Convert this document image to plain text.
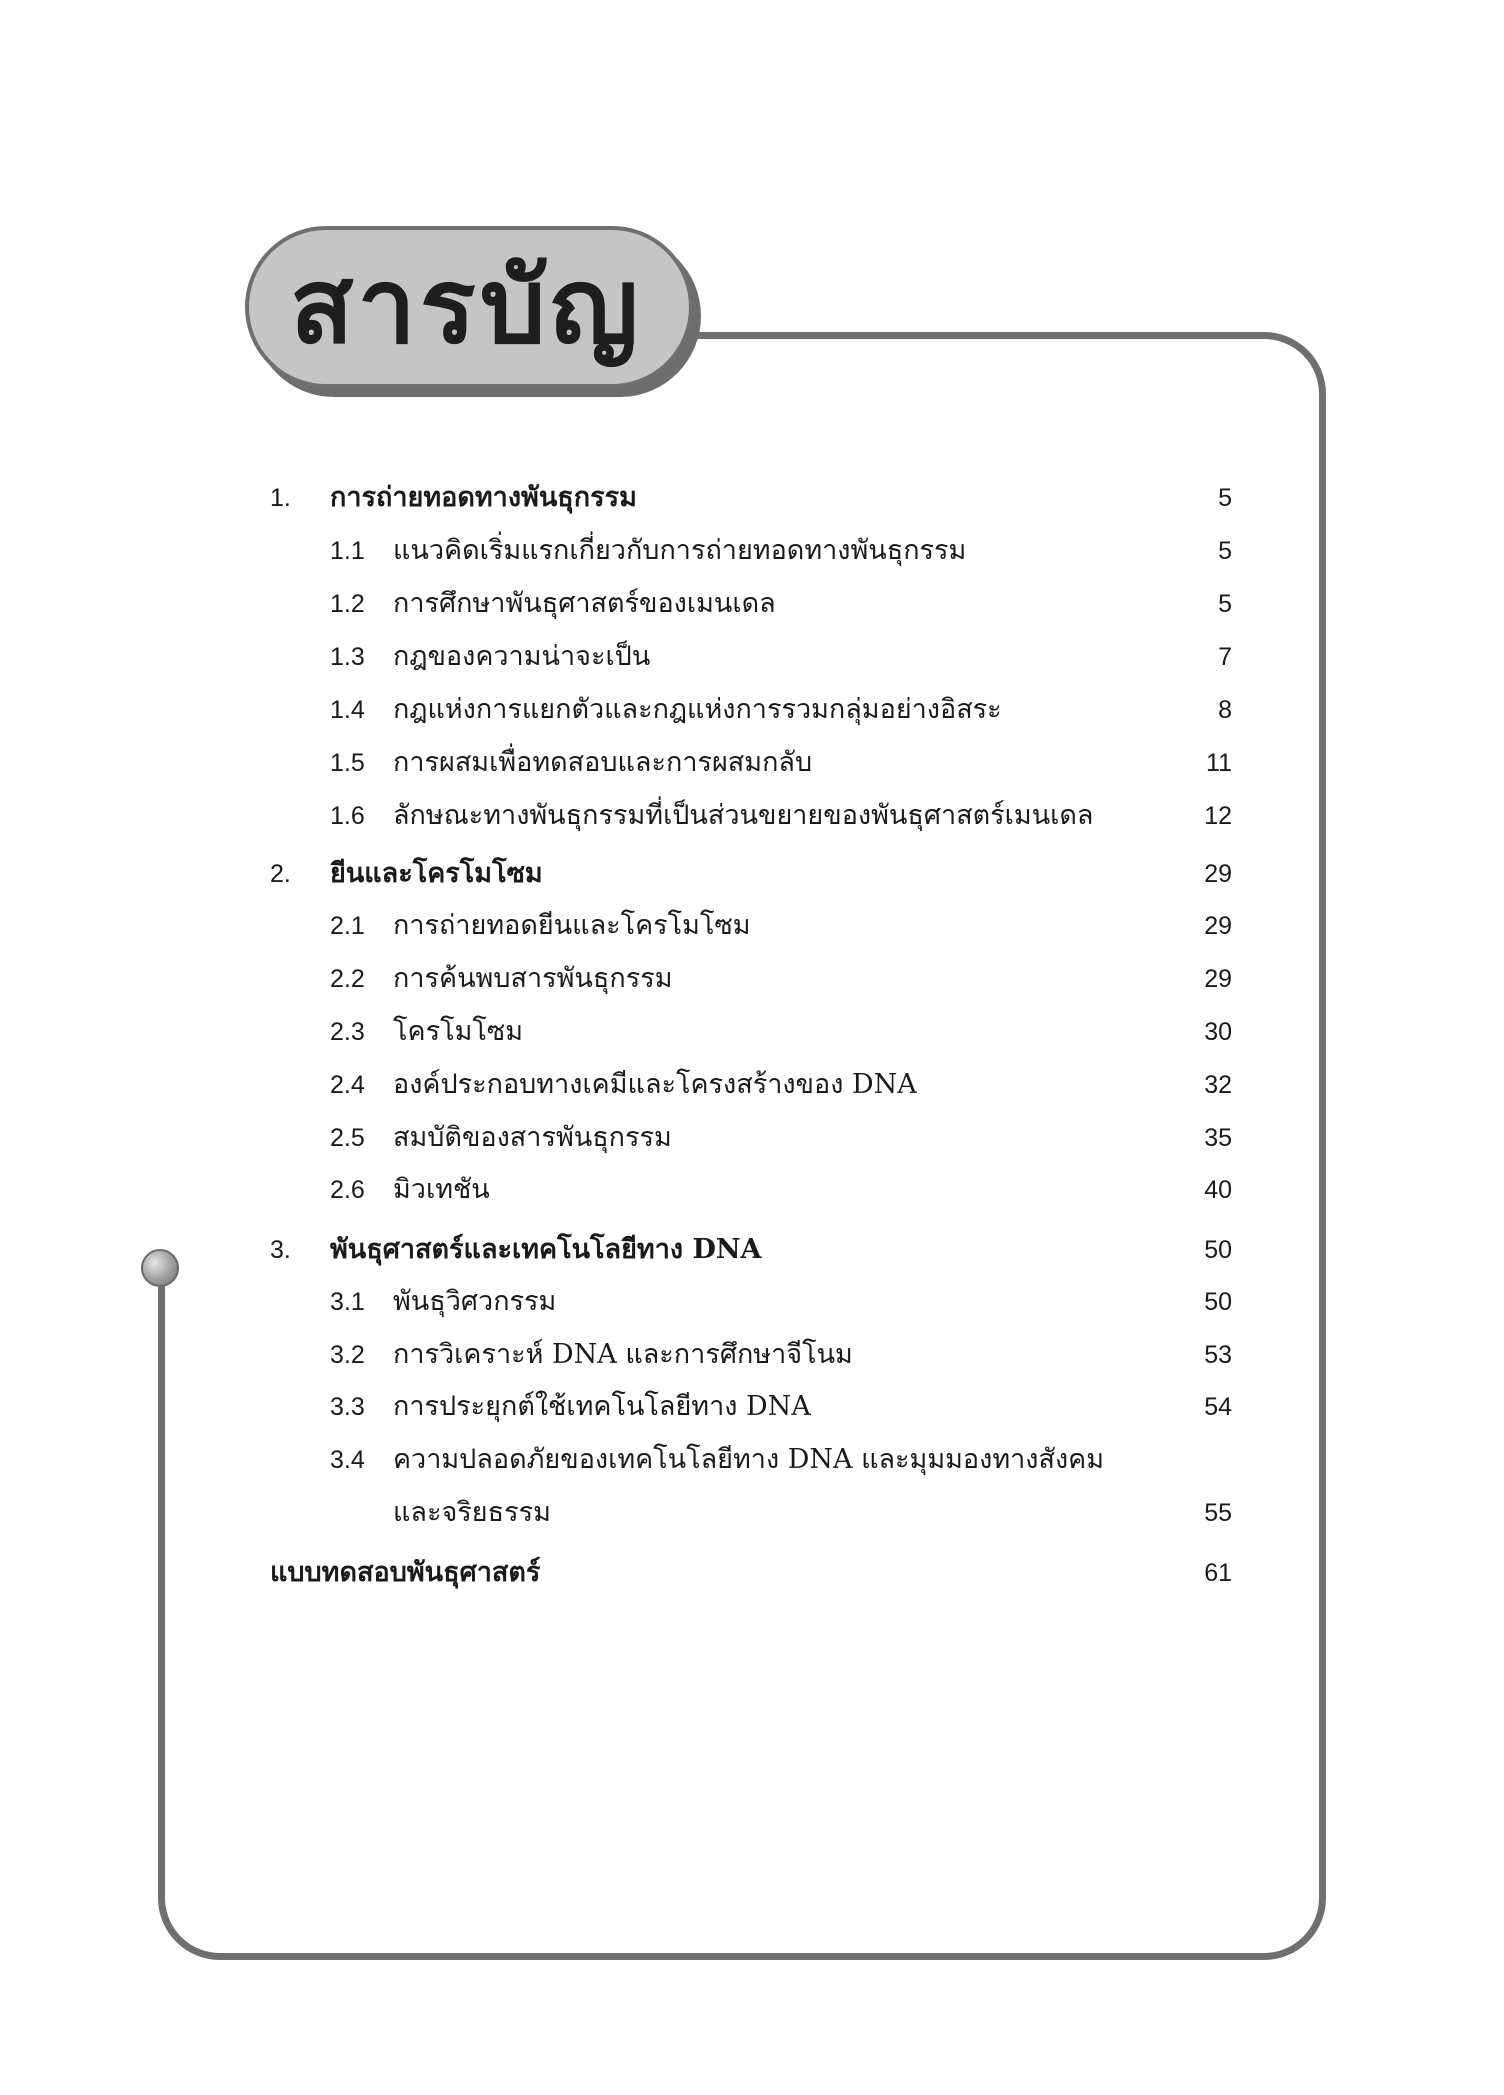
สารบัญ
1. การถ่ายทอดทางพันธุกรรม	5
1.1 แนวคิดเริ่มแรกเกี่ยวกับการถ่ายทอดทางพันธุกรรม	5
1.2 การศึกษาพันธุศาสตร์ของเมนเดล	5
1.3 กฎของความน่าจะเป็น	7
1.4 กฎแห่งการแยกตัวและกฎแห่งการรวมกลุ่มอย่างอิสระ	8
1.5 การผสมเพื่อทดสอบและการผสมกลับ	11
1.6 ลักษณะทางพันธุกรรมที่เป็นส่วนขยายของพันธุศาสตร์เมนเดล	12
2. ยีนและโครโมโซม	29
2.1 การถ่ายทอดยีนและโครโมโซม	29
2.2 การค้นพบสารพันธุกรรม	29
2.3 โครโมโซม	30
2.4 องค์ประกอบทางเคมีและโครงสร้างของ DNA	32
2.5 สมบัติของสารพันธุกรรม	35
2.6 มิวเทชัน	40
3. พันธุศาสตร์และเทคโนโลยีทาง DNA	50
3.1 พันธุวิศวกรรม	50
3.2 การวิเคราะห์ DNA และการศึกษาจีโนม	53
3.3 การประยุกต์ใช้เทคโนโลยีทาง DNA	54
3.4 ความปลอดภัยของเทคโนโลยีทาง DNA และมุมมองทางสังคม
และจริยธรรม	55
แบบทดสอบพันธุศาสตร์	61
